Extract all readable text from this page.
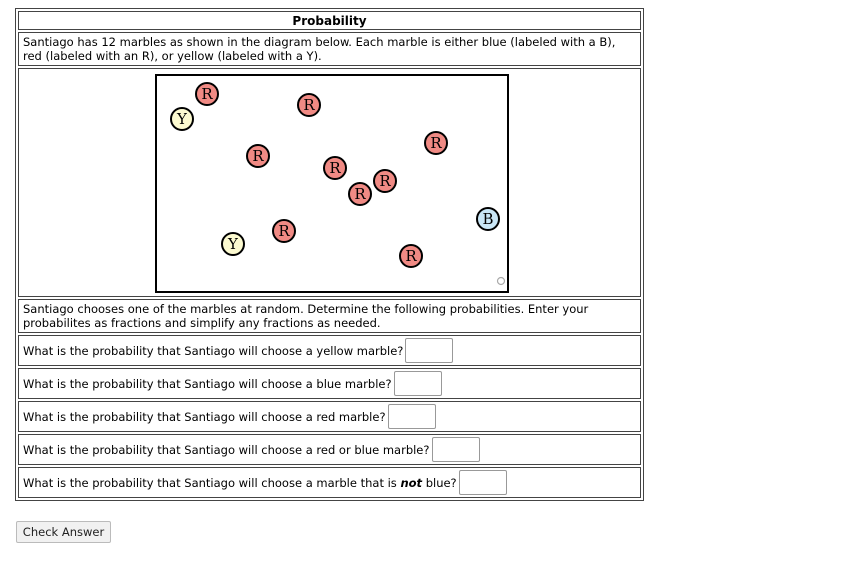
Probability
Santiago has 12 marbles as shown in the diagram below. Each marble is either blue (labeled with a B), red (labeled with an R), or yellow (labeled with a Y).
R
Y
R
R
R
R
R
R
B
Y
R
R
Santiago chooses one of the marbles at random. Determine the following probabilities. Enter your probabilites as fractions and simplify any fractions as needed.
What is the probability that Santiago will choose a yellow marble?
What is the probability that Santiago will choose a blue marble?
What is the probability that Santiago will choose a red marble?
What is the probability that Santiago will choose a red or blue marble?
What is the probability that Santiago will choose a marble that is not blue?
Check Answer
